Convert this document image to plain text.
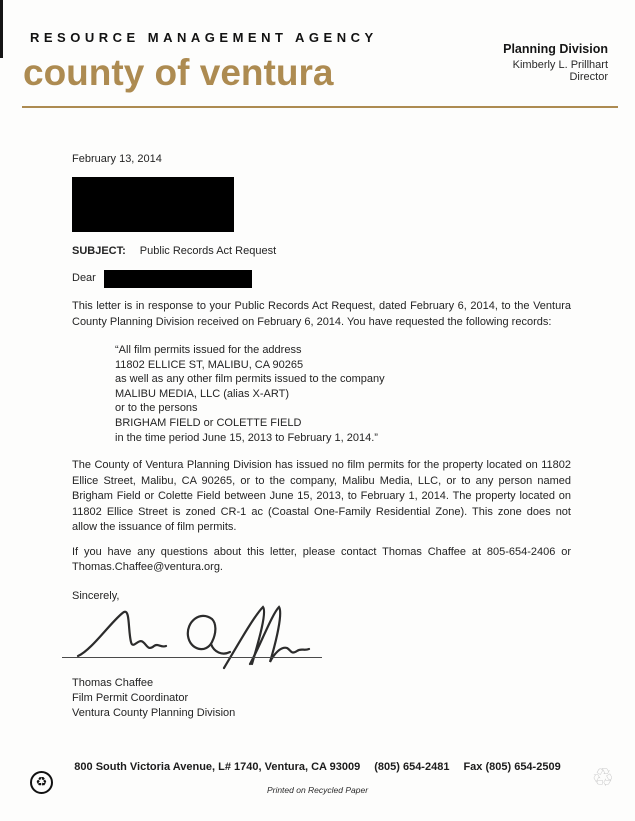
RESOURCE MANAGEMENT AGENCY
county of ventura
Planning Division
Kimberly L. Prillhart
Director
February 13, 2014
SUBJECT: Public Records Act Request
Dear
This letter is in response to your Public Records Act Request, dated February 6, 2014, to the Ventura County Planning Division received on February 6, 2014. You have requested the following records:
“All film permits issued for the address
11802 ELLICE ST, MALIBU, CA 90265
as well as any other film permits issued to the company
MALIBU MEDIA, LLC (alias X-ART)
or to the persons
BRIGHAM FIELD or COLETTE FIELD
in the time period June 15, 2013 to February 1, 2014.”
The County of Ventura Planning Division has issued no film permits for the property located on 11802 Ellice Street, Malibu, CA 90265, or to the company, Malibu Media, LLC, or to any person named Brigham Field or Colette Field between June 15, 2013, to February 1, 2014. The property located on 11802 Ellice Street is zoned CR-1 ac (Coastal One-Family Residential Zone). This zone does not allow the issuance of film permits.
If you have any questions about this letter, please contact Thomas Chaffee at 805-654-2406 or Thomas.Chaffee@ventura.org.
Sincerely,
Thomas Chaffee
Film Permit Coordinator
Ventura County Planning Division
800 South Victoria Avenue, L# 1740, Ventura, CA 93009 (805) 654-2481 Fax (805) 654-2509
Printed on Recycled Paper
♻	♲
